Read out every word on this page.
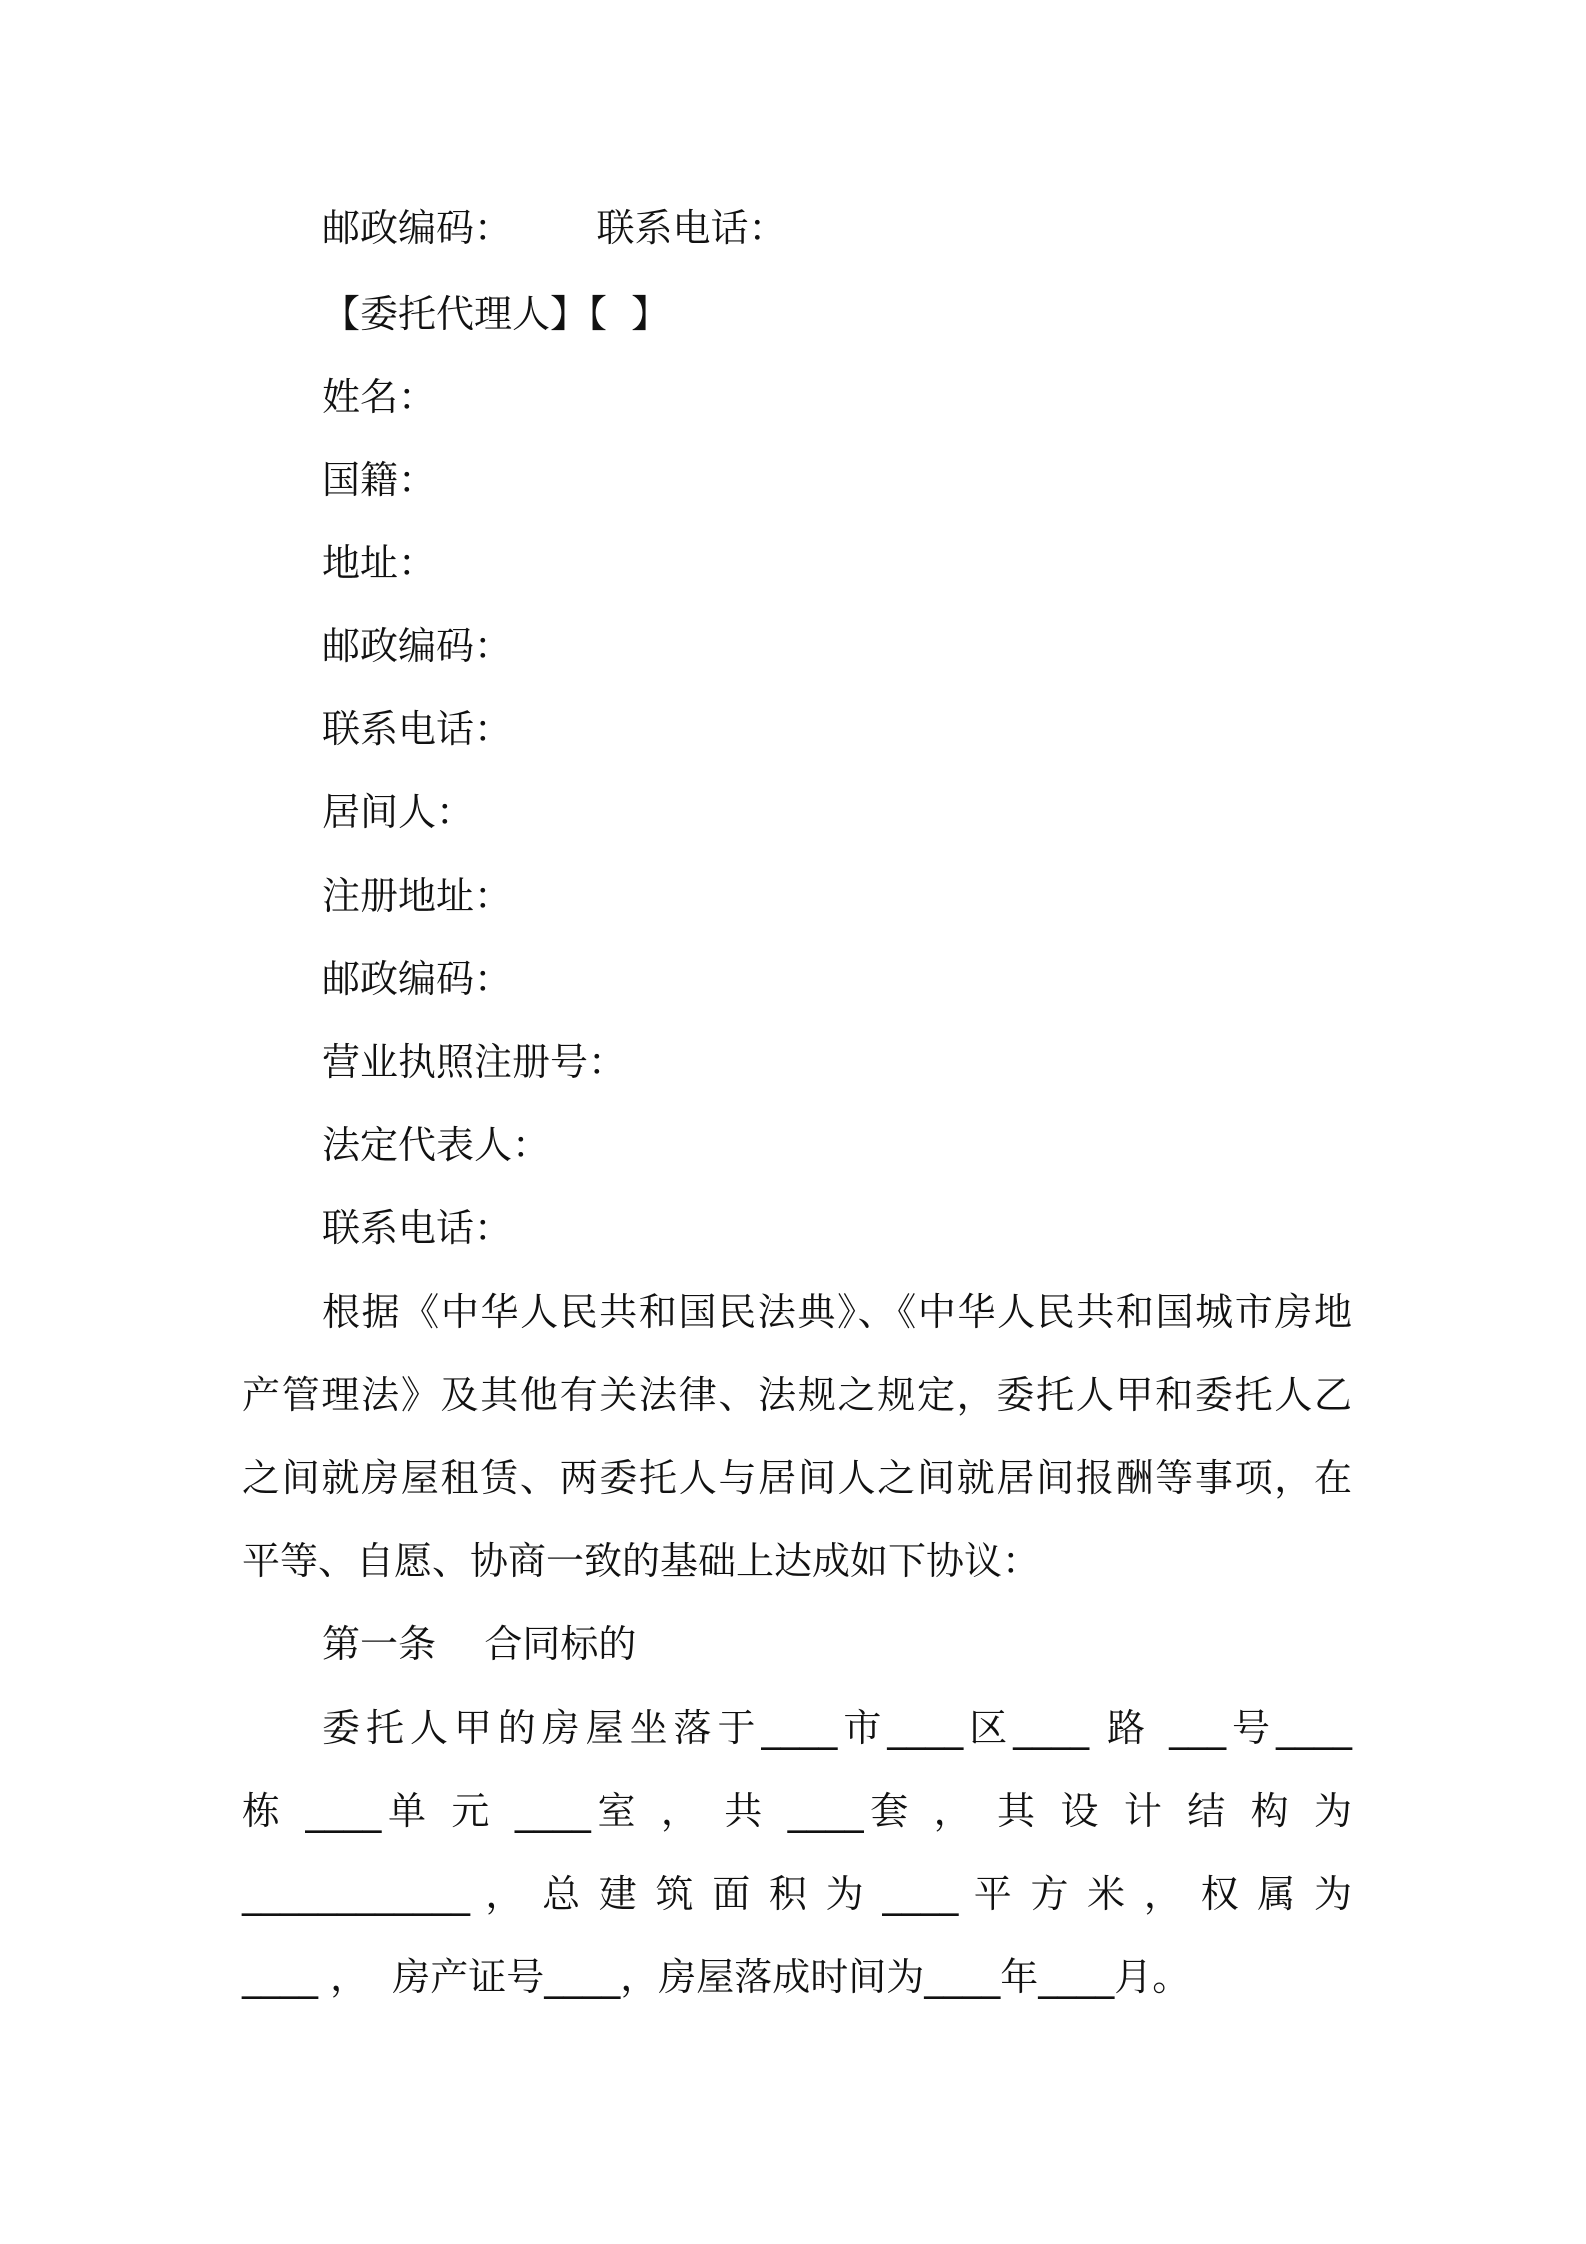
邮政编码：       联系电话：

【委托代理人】【  】

姓名：

国籍：

地址：

邮政编码：

联系电话：

居间人：

注册地址：

邮政编码：

营业执照注册号：

法定代表人：

联系电话：

根据《中华人民共和国民法典》、《中华人民共和国城市房地

产管理法》及其他有关法律、法规之规定，委托人甲和委托人乙

之间就房屋租赁、两委托人与居间人之间就居间报酬等事项，在

平等、自愿、协商一致的基础上达成如下协议：

第一条    合同标的

委托人甲的房屋坐落于____市____区____ 路 ___号____

栋 ____单 元 ____室 ， 共 ____套 ， 其 设 计 结 构 为

____________ ， 总 建 筑 面 积 为 ____ 平 方 米 ， 权 属 为

____ ，  房产证号____，房屋落成时间为____年____月。
